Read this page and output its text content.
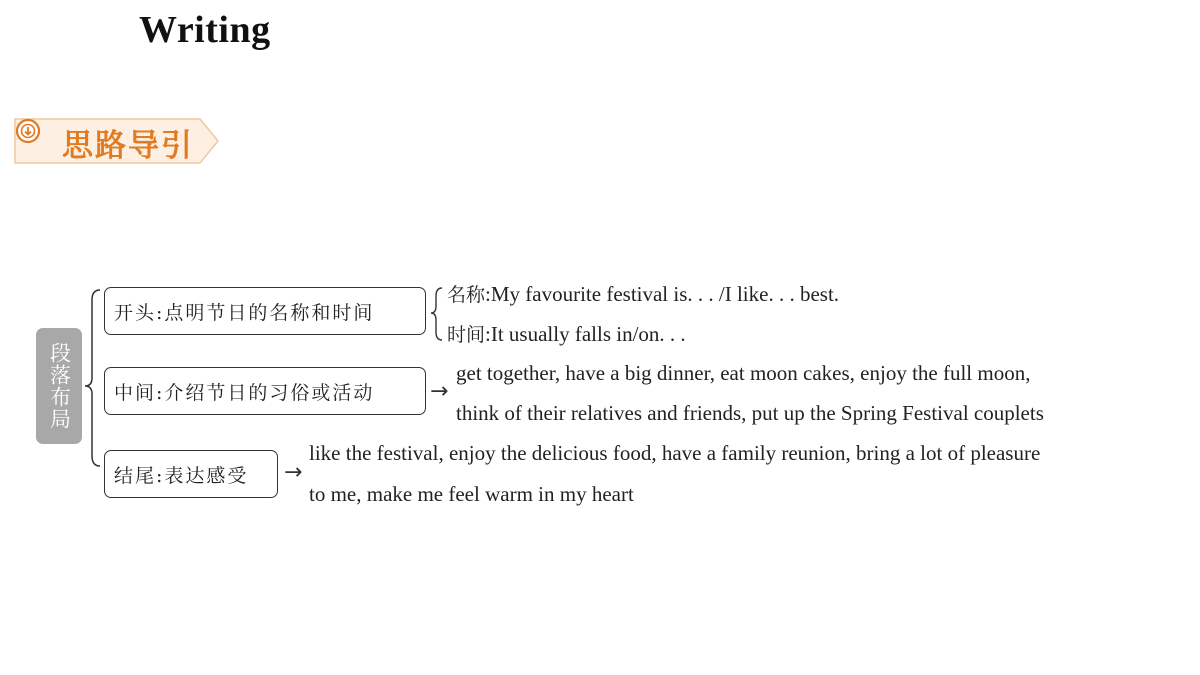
Writing
思路导引
段落布局
开头:点明节日的名称和时间
中间:介绍节日的习俗或活动
结尾:表达感受
名称:My favourite festival is. . . /I like. . . best.
时间:It usually falls in/on. . .
→
get together, have a big dinner, eat moon cakes, enjoy the full moon,
think of their relatives and friends, put up the Spring Festival couplets
→
like the festival, enjoy the delicious food, have a family reunion, bring a lot of pleasure
to me, make me feel warm in my heart
